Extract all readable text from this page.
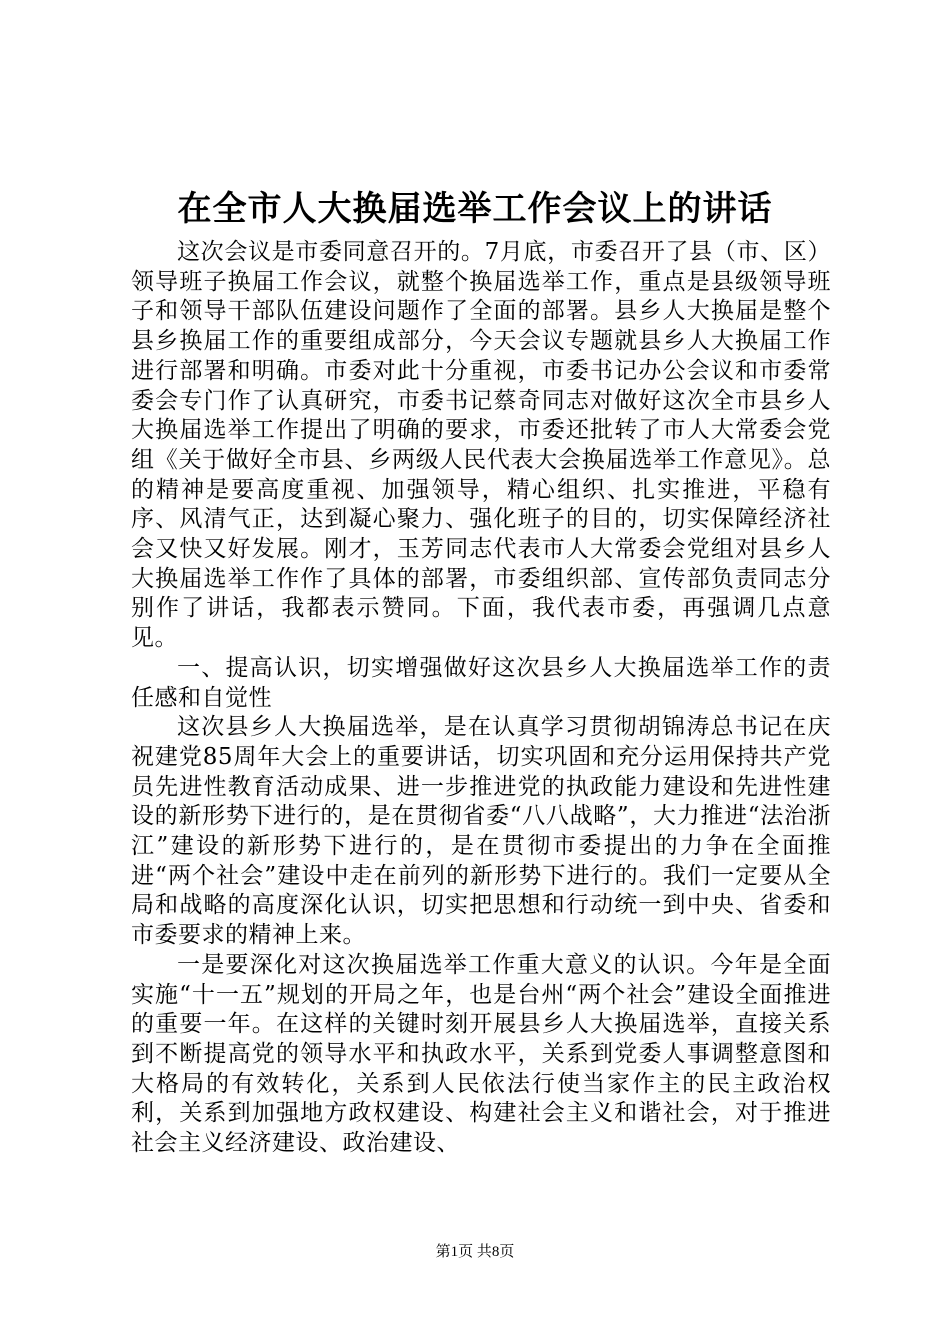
在全市人大换届选举工作会议上的讲话

这次会议是市委同意召开的。7月底，市委召开了县（市、区）领导班子换届工作会议，就整个换届选举工作，重点是县级领导班子和领导干部队伍建设问题作了全面的部署。县乡人大换届是整个县乡换届工作的重要组成部分，今天会议专题就县乡人大换届工作进行部署和明确。市委对此十分重视，市委书记办公会议和市委常委会专门作了认真研究，市委书记蔡奇同志对做好这次全市县乡人大换届选举工作提出了明确的要求，市委还批转了市人大常委会党组《关于做好全市县、乡两级人民代表大会换届选举工作意见》。总的精神是要高度重视、加强领导，精心组织、扎实推进，平稳有序、风清气正，达到凝心聚力、强化班子的目的，切实保障经济社会又快又好发展。刚才，玉芳同志代表市人大常委会党组对县乡人大换届选举工作作了具体的部署，市委组织部、宣传部负责同志分别作了讲话，我都表示赞同。下面，我代表市委，再强调几点意见。

一、提高认识，切实增强做好这次县乡人大换届选举工作的责任感和自觉性

这次县乡人大换届选举，是在认真学习贯彻胡锦涛总书记在庆祝建党85周年大会上的重要讲话，切实巩固和充分运用保持共产党员先进性教育活动成果、进一步推进党的执政能力建设和先进性建设的新形势下进行的，是在贯彻省委“八八战略”，大力推进“法治浙江”建设的新形势下进行的，是在贯彻市委提出的力争在全面推进“两个社会”建设中走在前列的新形势下进行的。我们一定要从全局和战略的高度深化认识，切实把思想和行动统一到中央、省委和市委要求的精神上来。

一是要深化对这次换届选举工作重大意义的认识。今年是全面实施“十一五”规划的开局之年，也是台州“两个社会”建设全面推进的重要一年。在这样的关键时刻开展县乡人大换届选举，直接关系到不断提高党的领导水平和执政水平，关系到党委人事调整意图和大格局的有效转化，关系到人民依法行使当家作主的民主政治权利，关系到加强地方政权建设、构建社会主义和谐社会，对于推进社会主义经济建设、政治建设、

第1页 共8页
